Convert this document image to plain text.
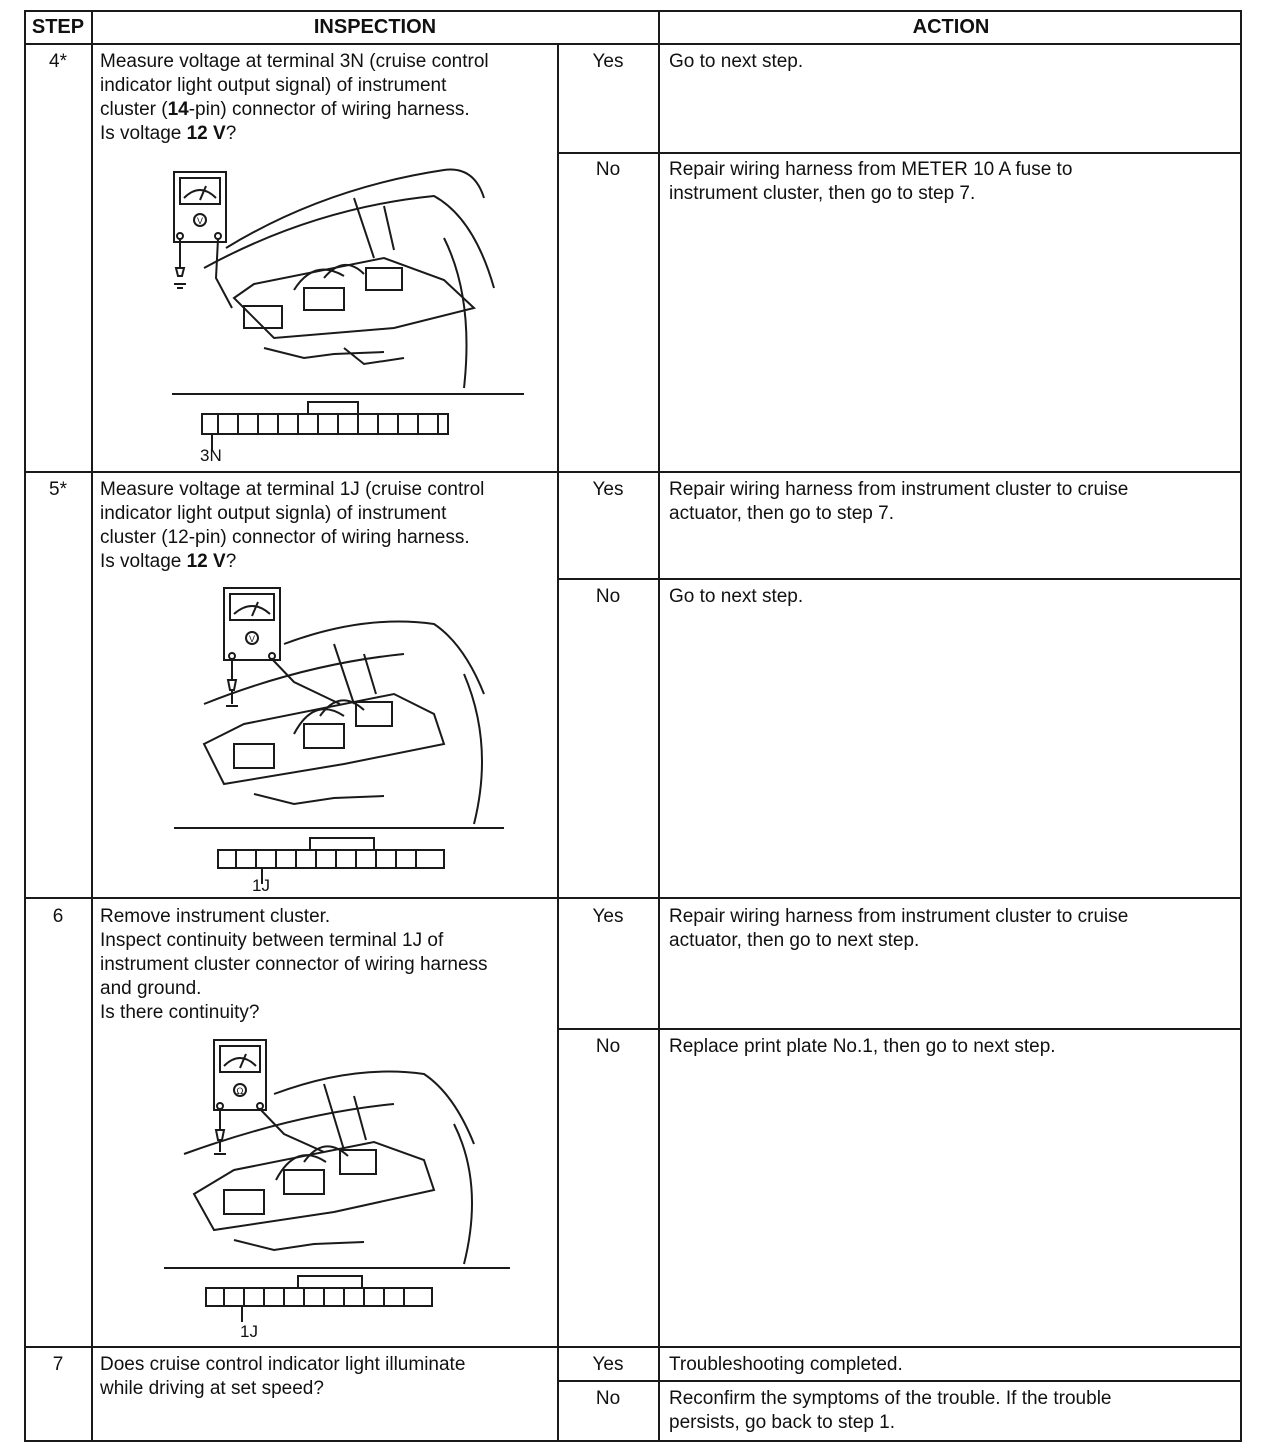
STEP	INSPECTION	ACTION
4*	Measure voltage at terminal 3N (cruise control
indicator light output signal) of instrument
cluster (14-pin) connector of wiring harness.
Is voltage 12 V?
Yes	Go to next step.
No	Repair wiring harness from METER 10 A fuse to
instrument cluster, then go to step 7.
V
3N
5*	Measure voltage at terminal 1J (cruise control
indicator light output signla) of instrument
cluster (12-pin) connector of wiring harness.
Is voltage 12 V?
Yes	Repair wiring harness from instrument cluster to cruise
actuator, then go to step 7.
No	Go to next step.
V
1J
6	Remove instrument cluster.
Inspect continuity between terminal 1J of
instrument cluster connector of wiring harness
and ground.
Is there continuity?
Yes	Repair wiring harness from instrument cluster to cruise
actuator, then go to next step.
No	Replace print plate No.1, then go to next step.
Ω
1J
7	Does cruise control indicator light illuminate
while driving at set speed?
Yes	Troubleshooting completed.
No	Reconfirm the symptoms of the trouble. If the trouble
persists, go back to step 1.
